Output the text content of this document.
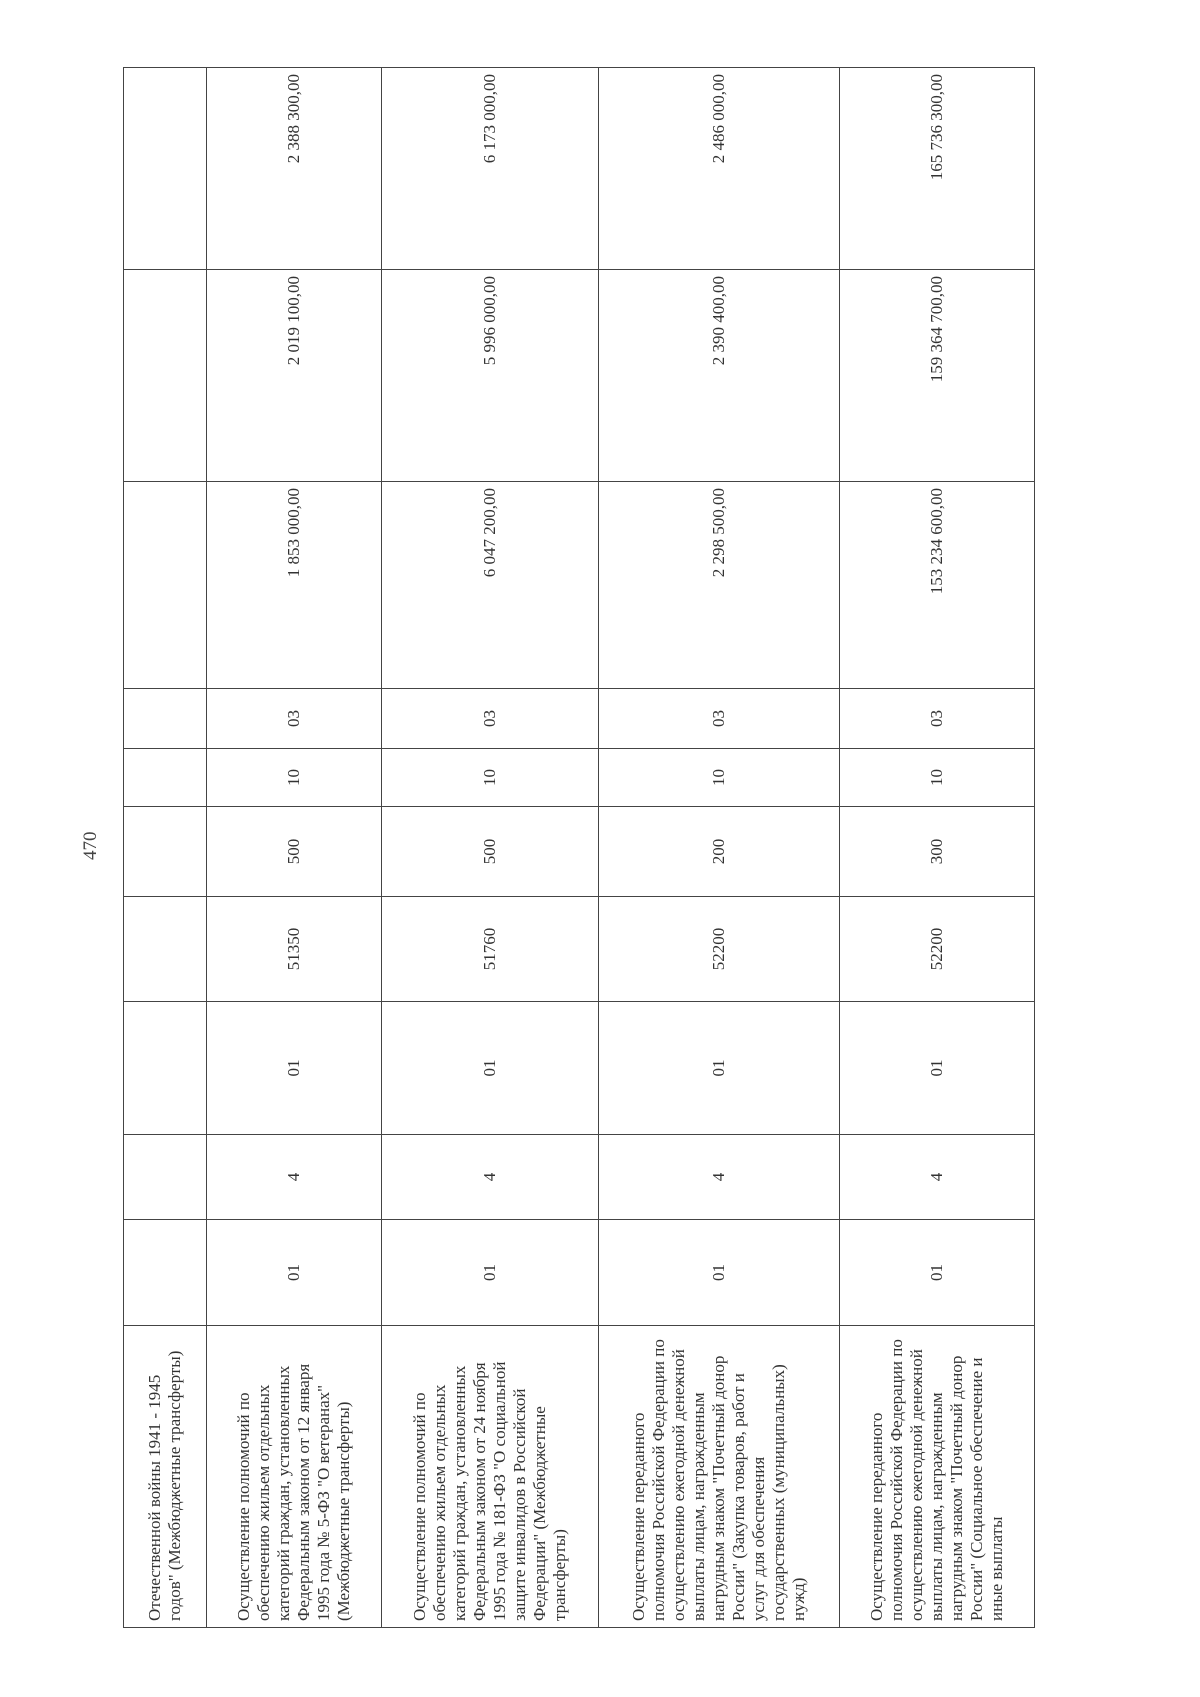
470
Отечественной войны 1941 - 1945 годов" (Межбюджетные трансферты)										
Осуществление полномочий по обеспечению жильем отдельных категорий граждан, установленных Федеральным законом от 12 января 1995 года № 5-ФЗ "О ветеранах" (Межбюджетные трансферты)	01	4	01	51350	500	10	03	1 853 000,00	2 019 100,00	2 388 300,00
Осуществление полномочий по обеспечению жильем отдельных категорий граждан, установленных Федеральным законом от 24 ноября 1995 года № 181-ФЗ "О социальной защите инвалидов в Российской Федерации" (Межбюджетные трансферты)	01	4	01	51760	500	10	03	6 047 200,00	5 996 000,00	6 173 000,00
Осуществление переданного полномочия Российской Федерации по осуществлению ежегодной денежной выплаты лицам, награжденным нагрудным знаком "Почетный донор России" (Закупка товаров, работ и услуг для обеспечения государственных (муниципальных) нужд)	01	4	01	52200	200	10	03	2 298 500,00	2 390 400,00	2 486 000,00
Осуществление переданного полномочия Российской Федерации по осуществлению ежегодной денежной выплаты лицам, награжденным нагрудным знаком "Почетный донор России" (Социальное обеспечение и иные выплаты	01	4	01	52200	300	10	03	153 234 600,00	159 364 700,00	165 736 300,00
